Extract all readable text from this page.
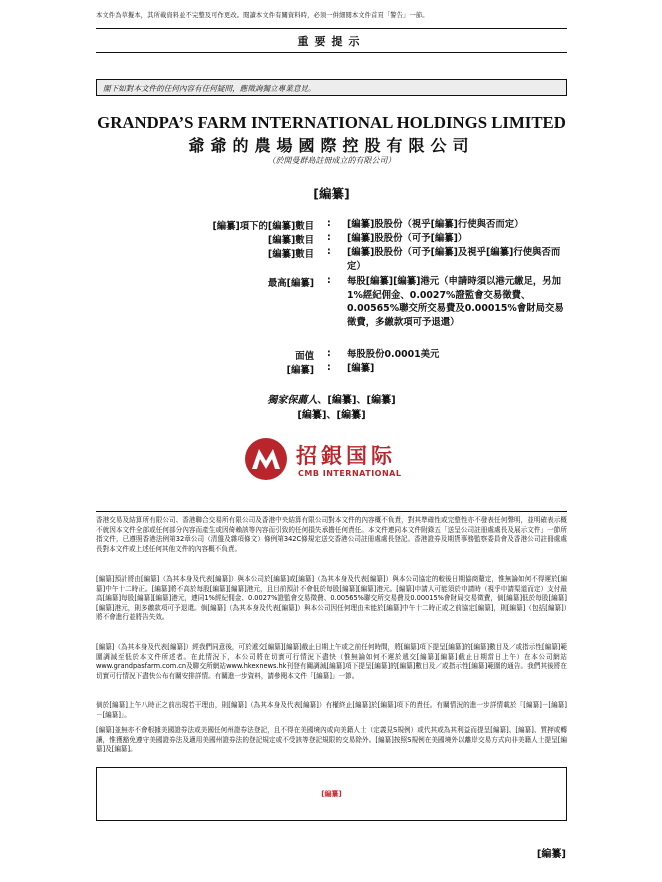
本文件為草擬本，其所載資料並不完整及可作更改。閱讀本文件有關資料時，必須一併細閱本文件首頁「警告」一節。
重要提示
閣下如對本文件的任何內容有任何疑問，應徵詢獨立專業意見。
GRANDPA’S FARM INTERNATIONAL HOLDINGS LIMITED
爺爺的農場國際控股有限公司
（於開曼群島註冊成立的有限公司）
[編纂]
[編纂]項下的[編纂]數目 : [編纂]股股份（視乎[編纂]行使與否而定）
[編纂]數目 : [編纂]股股份（可予[編纂]）
[編纂]數目 : [編纂]股股份（可予[編纂]及視乎[編纂]行使與否而定）
最高[編纂] : 每股[編纂][編纂]港元（申請時須以港元繳足，另加1%經紀佣金、0.0027%證監會交易徵費、0.00565%聯交所交易費及0.00015%會財局交易徵費，多繳款項可予退還）
面值 : 每股股份0.0001美元
[編纂] : [編纂]
獨家保薦人、[編纂]、[編纂]
[編纂]、[編纂]
招銀国际
CMB INTERNATIONAL
香港交易及結算所有限公司、香港聯合交易所有限公司及香港中央結算有限公司對本文件的內容概不負責，對其準確性或完整性亦不發表任何聲明，並明確表示概不就因本文件全部或任何部分內容而產生或因倚賴該等內容而引致的任何損失承擔任何責任。本文件連同本文件附錄五「送呈公司註冊處處長及展示文件」一節所指文件，已遵照香港法例第32章公司（清盤及雜項條文）條例第342C條規定送交香港公司註冊處處長登記。香港證券及期貨事務監察委員會及香港公司註冊處處長對本文件或上述任何其他文件的內容概不負責。
[編纂]預計將由[編纂]（為其本身及代表[編纂]）與本公司於[編纂]或[編纂]（為其本身及代表[編纂]）與本公司協定的較後日期協商釐定，惟無論如何不得遲於[編纂]中午十二時正。[編纂]將不高於每股[編纂][編纂]港元，且目前預計不會低於每股[編纂][編纂]港元。[編纂]申請人可能須於申請時（視乎申請渠道而定）支付最高[編纂]每股[編纂][編纂]港元，連同1%經紀佣金、0.0027%證監會交易徵費、0.00565%聯交所交易費及0.00015%會財局交易徵費，倘[編纂]低於每股[編纂][編纂]港元，則多繳款項可予退還。倘[編纂]（為其本身及代表[編纂]）與本公司因任何理由未能於[編纂]中午十二時正或之前協定[編纂]，則[編纂]（包括[編纂]）將不會進行並將告失效。
[編纂]（為其本身及代表[編纂]）經我們同意後，可於遞交[編纂][編纂]截止日期上午或之前任何時間，將[編纂]項下提呈[編纂]的[編纂]數目及／或指示性[編纂]範圍調減至低於本文件所述者。在此情況下，本公司將在切實可行情況下盡快（惟無論如何不遲於遞交[編纂][編纂]截止日期當日上午）在本公司網站www.grandpasfarm.com.cn及聯交所網站www.hkexnews.hk刊登有關調減[編纂]項下提呈[編纂]的[編纂]數目及／或指示性[編纂]範圍的通告。我們其後將在切實可行情況下盡快公布有關安排詳情。有關進一步資料，請參閱本文件「[編纂]」一節。
倘於[編纂]上午八時正之前出現若干理由，則[編纂]（為其本身及代表[編纂]）有權終止[編纂]於[編纂]項下的責任。有關情況的進一步詳情載於「[編纂]－[編纂]－[編纂]」。
[編纂]並無亦不會根據美國證券法或美國任何州證券法登記，且不得在美國境內或向美籍人士（定義見S規例）或代其或為其利益而提呈[編纂]、[編纂]、質押或轉讓，惟獲豁免遵守美國證券法及適用美國州證券法的登記規定或不受該等登記規限的交易除外。[編纂]按照S規例在美國境外以離岸交易方式向非美籍人士提呈[編纂]及[編纂]。
[編纂]
[編纂]
